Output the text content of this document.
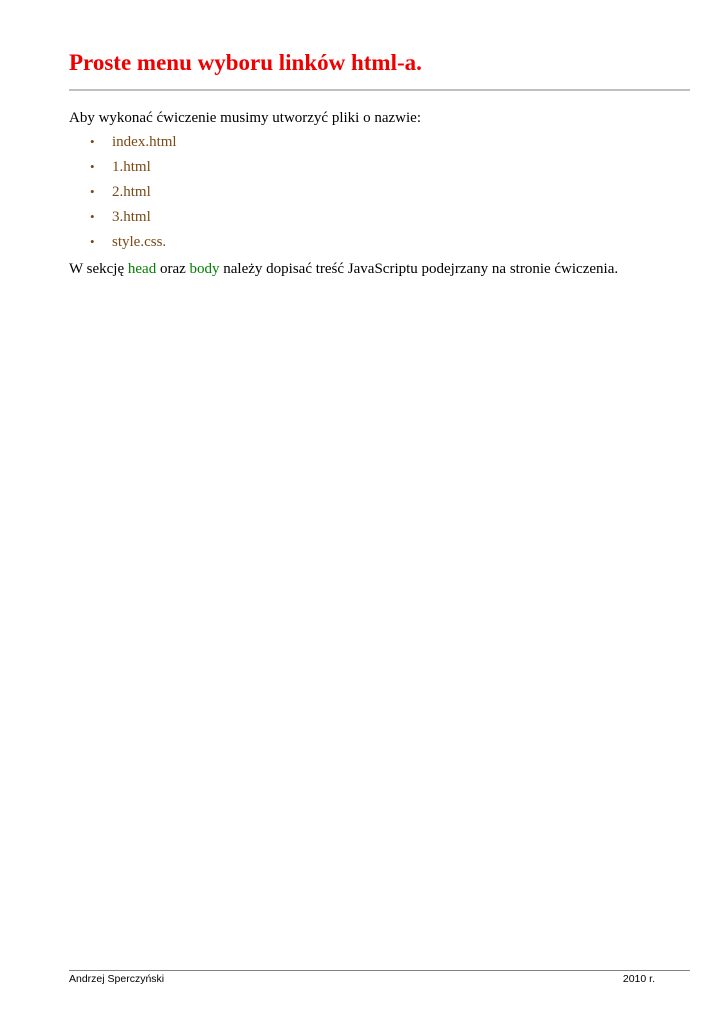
Proste menu wyboru linków html-a.

Aby wykonać ćwiczenie musimy utworzyć pliki o nazwie:

• index.html
• 1.html
• 2.html
• 3.html
• style.css.

W sekcję head oraz body należy dopisać treść JavaScriptu podejrzany na stronie ćwiczenia.

Andrzej Sperczyński	2010 r.
